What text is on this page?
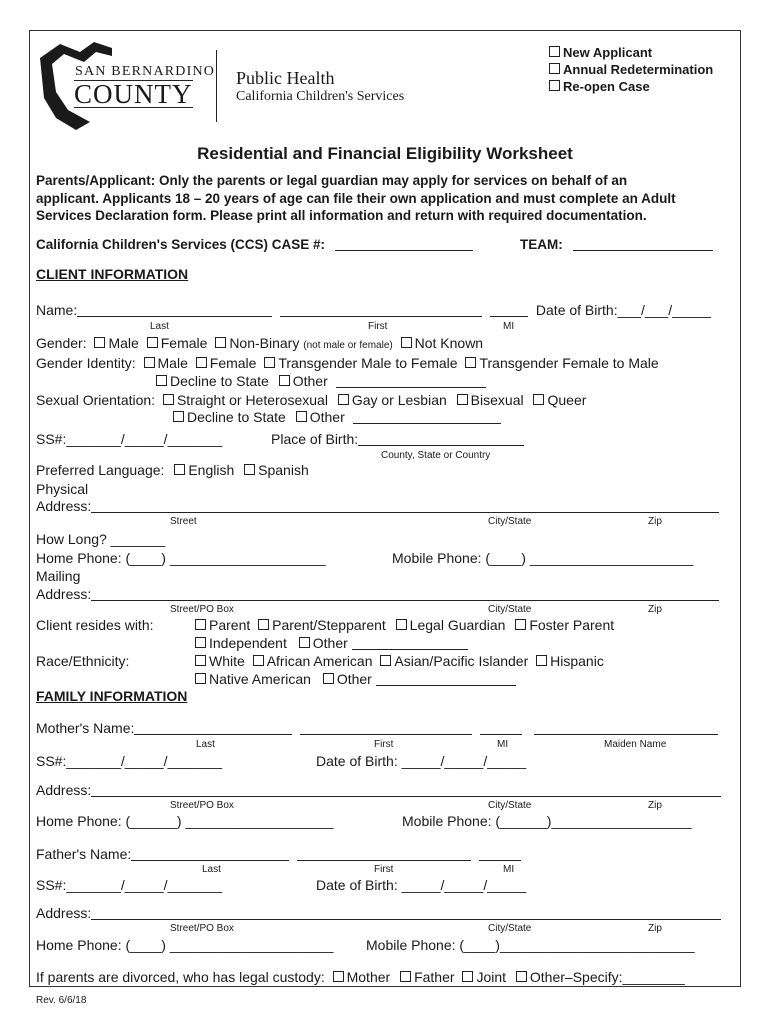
SAN BERNARDINO
COUNTY
Public Health
California Children's Services
New Applicant
Annual Redetermination
Re-open Case
Residential and Financial Eligibility Worksheet
Parents/Applicant: Only the parents or legal guardian may apply for services on behalf of an
applicant. Applicants 18 – 20 years of age can file their own application and must complete an Adult
Services Declaration form. Please print all information and return with required documentation.
California Children's Services (CCS) CASE #:	TEAM:
CLIENT INFORMATION
Name:	Date of Birth:___/___/_____
Last	First	MI
Gender: Male Female Non-Binary (not male or female) Not Known
Gender Identity: Male Female Transgender Male to Female Transgender Female to Male
Decline to State Other
Sexual Orientation: Straight or Heterosexual Gay or Lesbian Bisexual Queer
Decline to State Other
SS#:_______/_____/_______	Place of Birth:
County, State or Country
Preferred Language: English Spanish
Physical
Address:
Street	City/State	Zip
How Long? _______
Home Phone: (____) ____________________	Mobile Phone: (____) _____________________
Mailing
Address:
Street/PO Box	City/State	Zip
Client resides with:	Parent Parent/Stepparent Legal Guardian Foster Parent
Independent Other
Race/Ethnicity:	White African American Asian/Pacific Islander Hispanic
Native American Other
FAMILY INFORMATION
Mother's Name:
Last	First	MI	Maiden Name
SS#:_______/_____/_______	Date of Birth: _____/_____/_____
Address:
Street/PO Box	City/State	Zip
Home Phone: (______) ___________________	Mobile Phone: (______)__________________
Father's Name:
Last	First	MI
SS#:_______/_____/_______	Date of Birth: _____/_____/_____
Address:
Street/PO Box	City/State	Zip
Home Phone: (____) _____________________ Mobile Phone: (____)_________________________
If parents are divorced, who has legal custody: Mother Father Joint Other–Specify:________
Rev. 6/6/18
